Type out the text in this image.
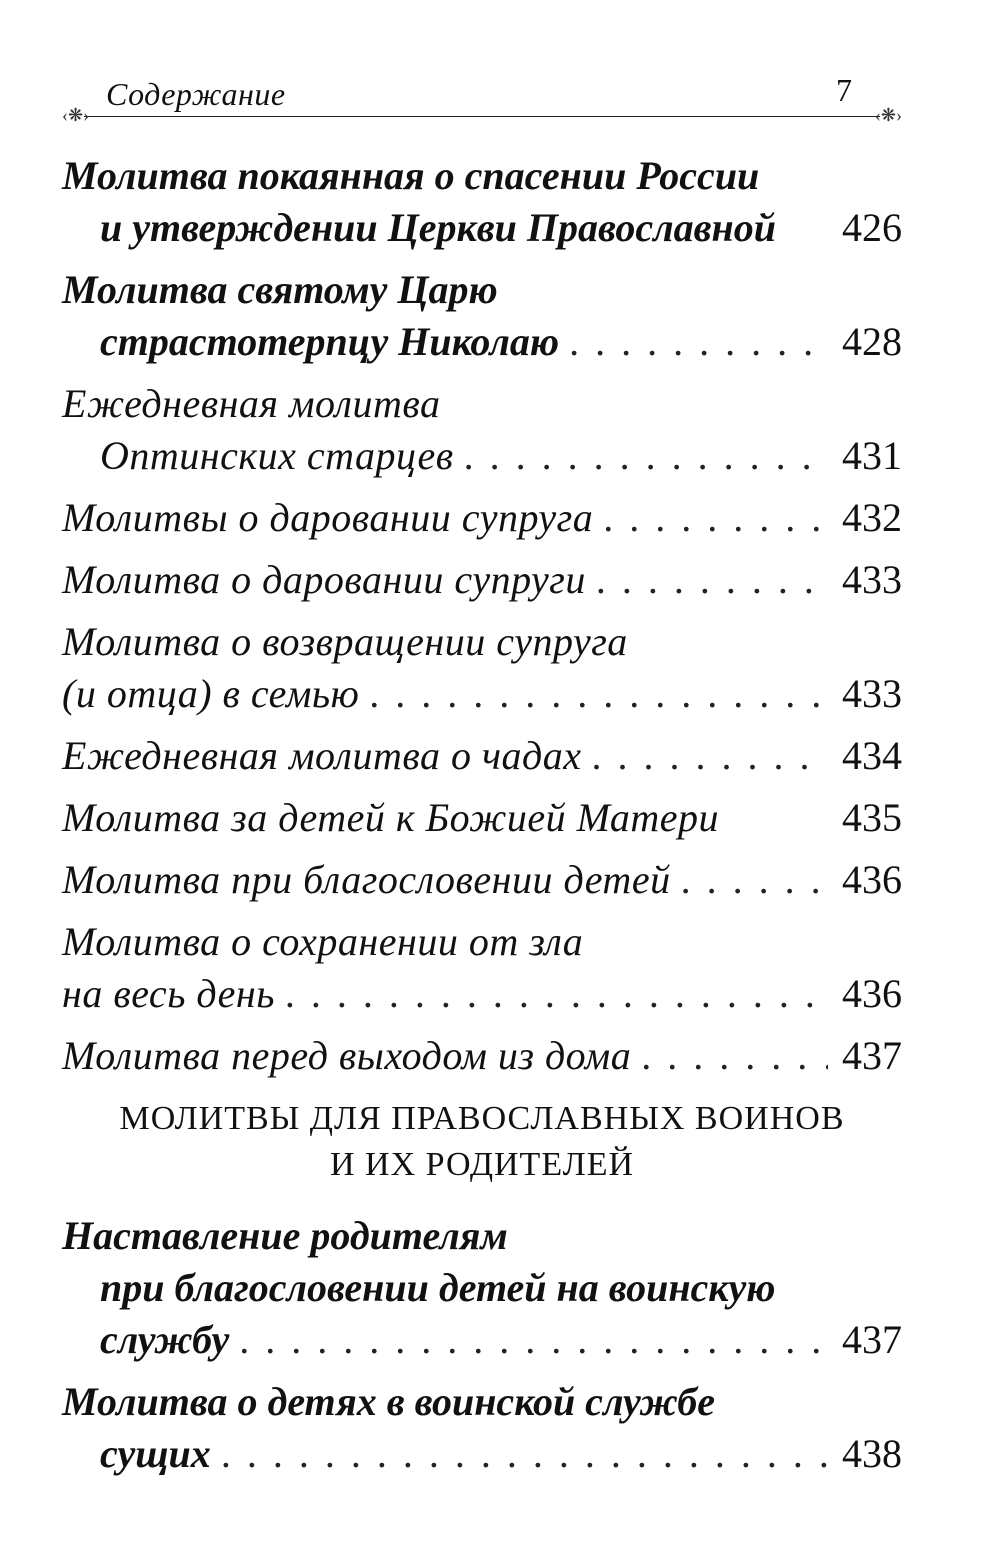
Содержание	7
‹❋›	‹❋›
Молитва покаянная о спасении России
и утверждении Церкви Православной 426
Молитва святому Царю
страстотерпцу Николаю . . .	428
Ежедневная молитва
Оптинских старцев . . .	431
Молитвы о даровании супруга . . .	432
Молитва о даровании супруги . . .	433
Молитва о возвращении супруга
(и отца) в семью . . .	433
Ежедневная молитва о чадах . . .	434
Молитва за детей к Божией Матери	435
Молитва при благословении детей . . .	436
Молитва о сохранении от зла
на весь день . . .	436
Молитва перед выходом из дома . . .	437
МОЛИТВЫ ДЛЯ ПРАВОСЛАВНЫХ ВОИНОВ
И ИХ РОДИТЕЛЕЙ
Наставление родителям
при благословении детей на воинскую
службу . . .	437
Молитва о детях в воинской службе
сущих . . .	438
